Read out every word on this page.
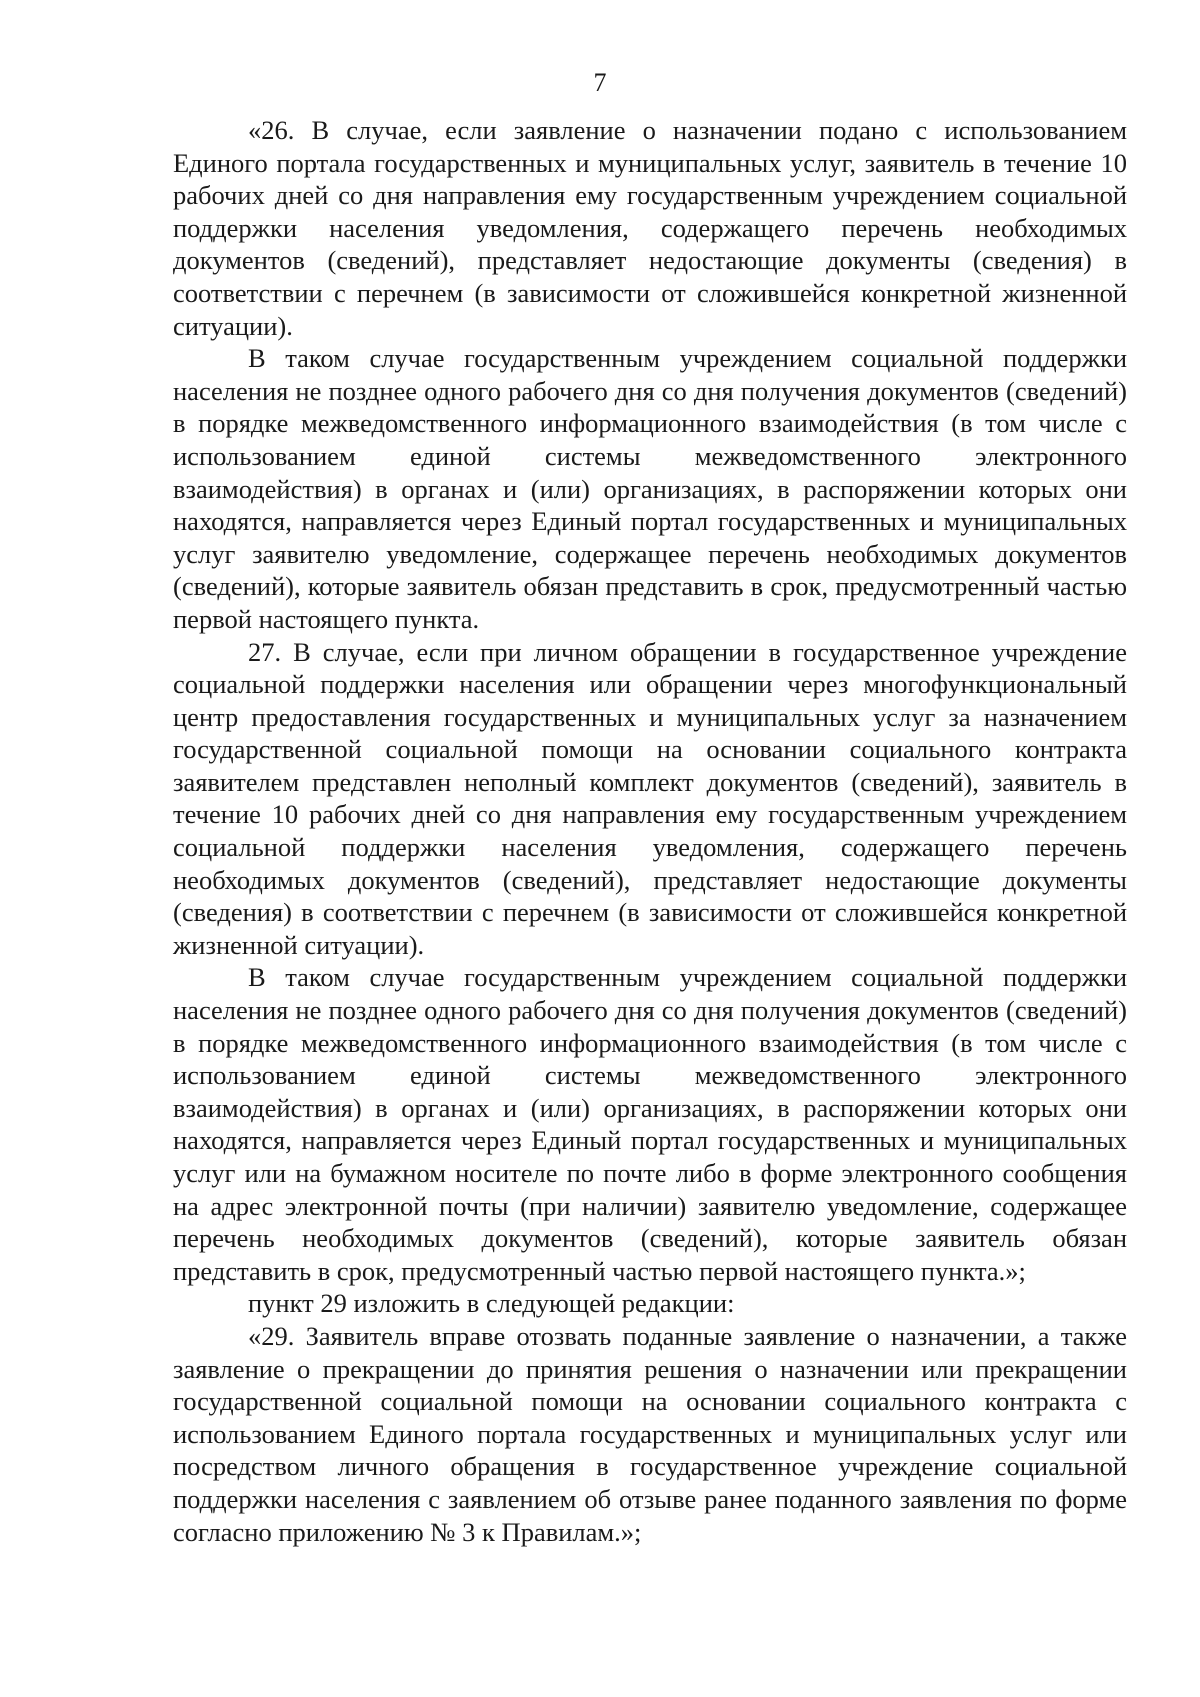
7

«26. В случае, если заявление о назначении подано с использованием Единого портала государственных и муниципальных услуг, заявитель в течение 10 рабочих дней со дня направления ему государственным учреждением социальной поддержки населения уведомления, содержащего перечень необходимых документов (сведений), представляет недостающие документы (сведения) в соответствии с перечнем (в зависимости от сложившейся конкретной жизненной ситуации).

В таком случае государственным учреждением социальной поддержки населения не позднее одного рабочего дня со дня получения документов (сведений) в порядке межведомственного информационного взаимодействия (в том числе с использованием единой системы межведомственного электронного взаимодействия) в органах и (или) организациях, в распоряжении которых они находятся, направляется через Единый портал государственных и муниципальных услуг заявителю уведомление, содержащее перечень необходимых документов (сведений), которые заявитель обязан представить в срок, предусмотренный частью первой настоящего пункта.

27. В случае, если при личном обращении в государственное учреждение социальной поддержки населения или обращении через многофункциональный центр предоставления государственных и муниципальных услуг за назначением государственной социальной помощи на основании социального контракта заявителем представлен неполный комплект документов (сведений), заявитель в течение 10 рабочих дней со дня направления ему государственным учреждением социальной поддержки населения уведомления, содержащего перечень необходимых документов (сведений), представляет недостающие документы (сведения) в соответствии с перечнем (в зависимости от сложившейся конкретной жизненной ситуации).

В таком случае государственным учреждением социальной поддержки населения не позднее одного рабочего дня со дня получения документов (сведений) в порядке межведомственного информационного взаимодействия (в том числе с использованием единой системы межведомственного электронного взаимодействия) в органах и (или) организациях, в распоряжении которых они находятся, направляется через Единый портал государственных и муниципальных услуг или на бумажном носителе по почте либо в форме электронного сообщения на адрес электронной почты (при наличии) заявителю уведомление, содержащее перечень необходимых документов (сведений), которые заявитель обязан представить в срок, предусмотренный частью первой настоящего пункта.»;

пункт 29 изложить в следующей редакции:

«29. Заявитель вправе отозвать поданные заявление о назначении, а также заявление о прекращении до принятия решения о назначении или прекращении государственной социальной помощи на основании социального контракта с использованием Единого портала государственных и муниципальных услуг или посредством личного обращения в государственное учреждение социальной поддержки населения с заявлением об отзыве ранее поданного заявления по форме согласно приложению № 3 к Правилам.»;
